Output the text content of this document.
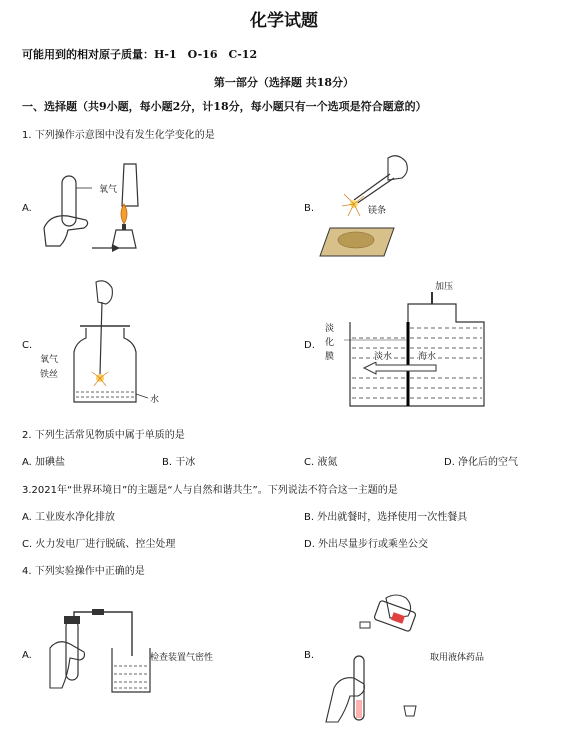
化学试题
可能用到的相对原子质量：H-1　O-16　C-12
第一部分（选择题 共18分）
一、选择题（共9小题，每小题2分，计18分，每小题只有一个选项是符合题意的）
1. 下列操作示意图中没有发生化学变化的是
A.
氧气
B.	镁条
C.
氧气
铁丝
水
D.
加压
淡化膜	淡水	海水
2. 下列生活常见物质中属于单质的是
A. 加碘盐	B. 干冰	C. 液氮	D. 净化后的空气
3.2021年“世界环境日”的主题是“人与自然和谐共生”。下列说法不符合这一主题的是
A. 工业废水净化排放	B. 外出就餐时，选择使用一次性餐具
C. 火力发电厂进行脱硫、控尘处理	D. 外出尽量步行或乘坐公交
4. 下列实验操作中正确的是
A.	检查装置气密性	B.	取用液体药品
